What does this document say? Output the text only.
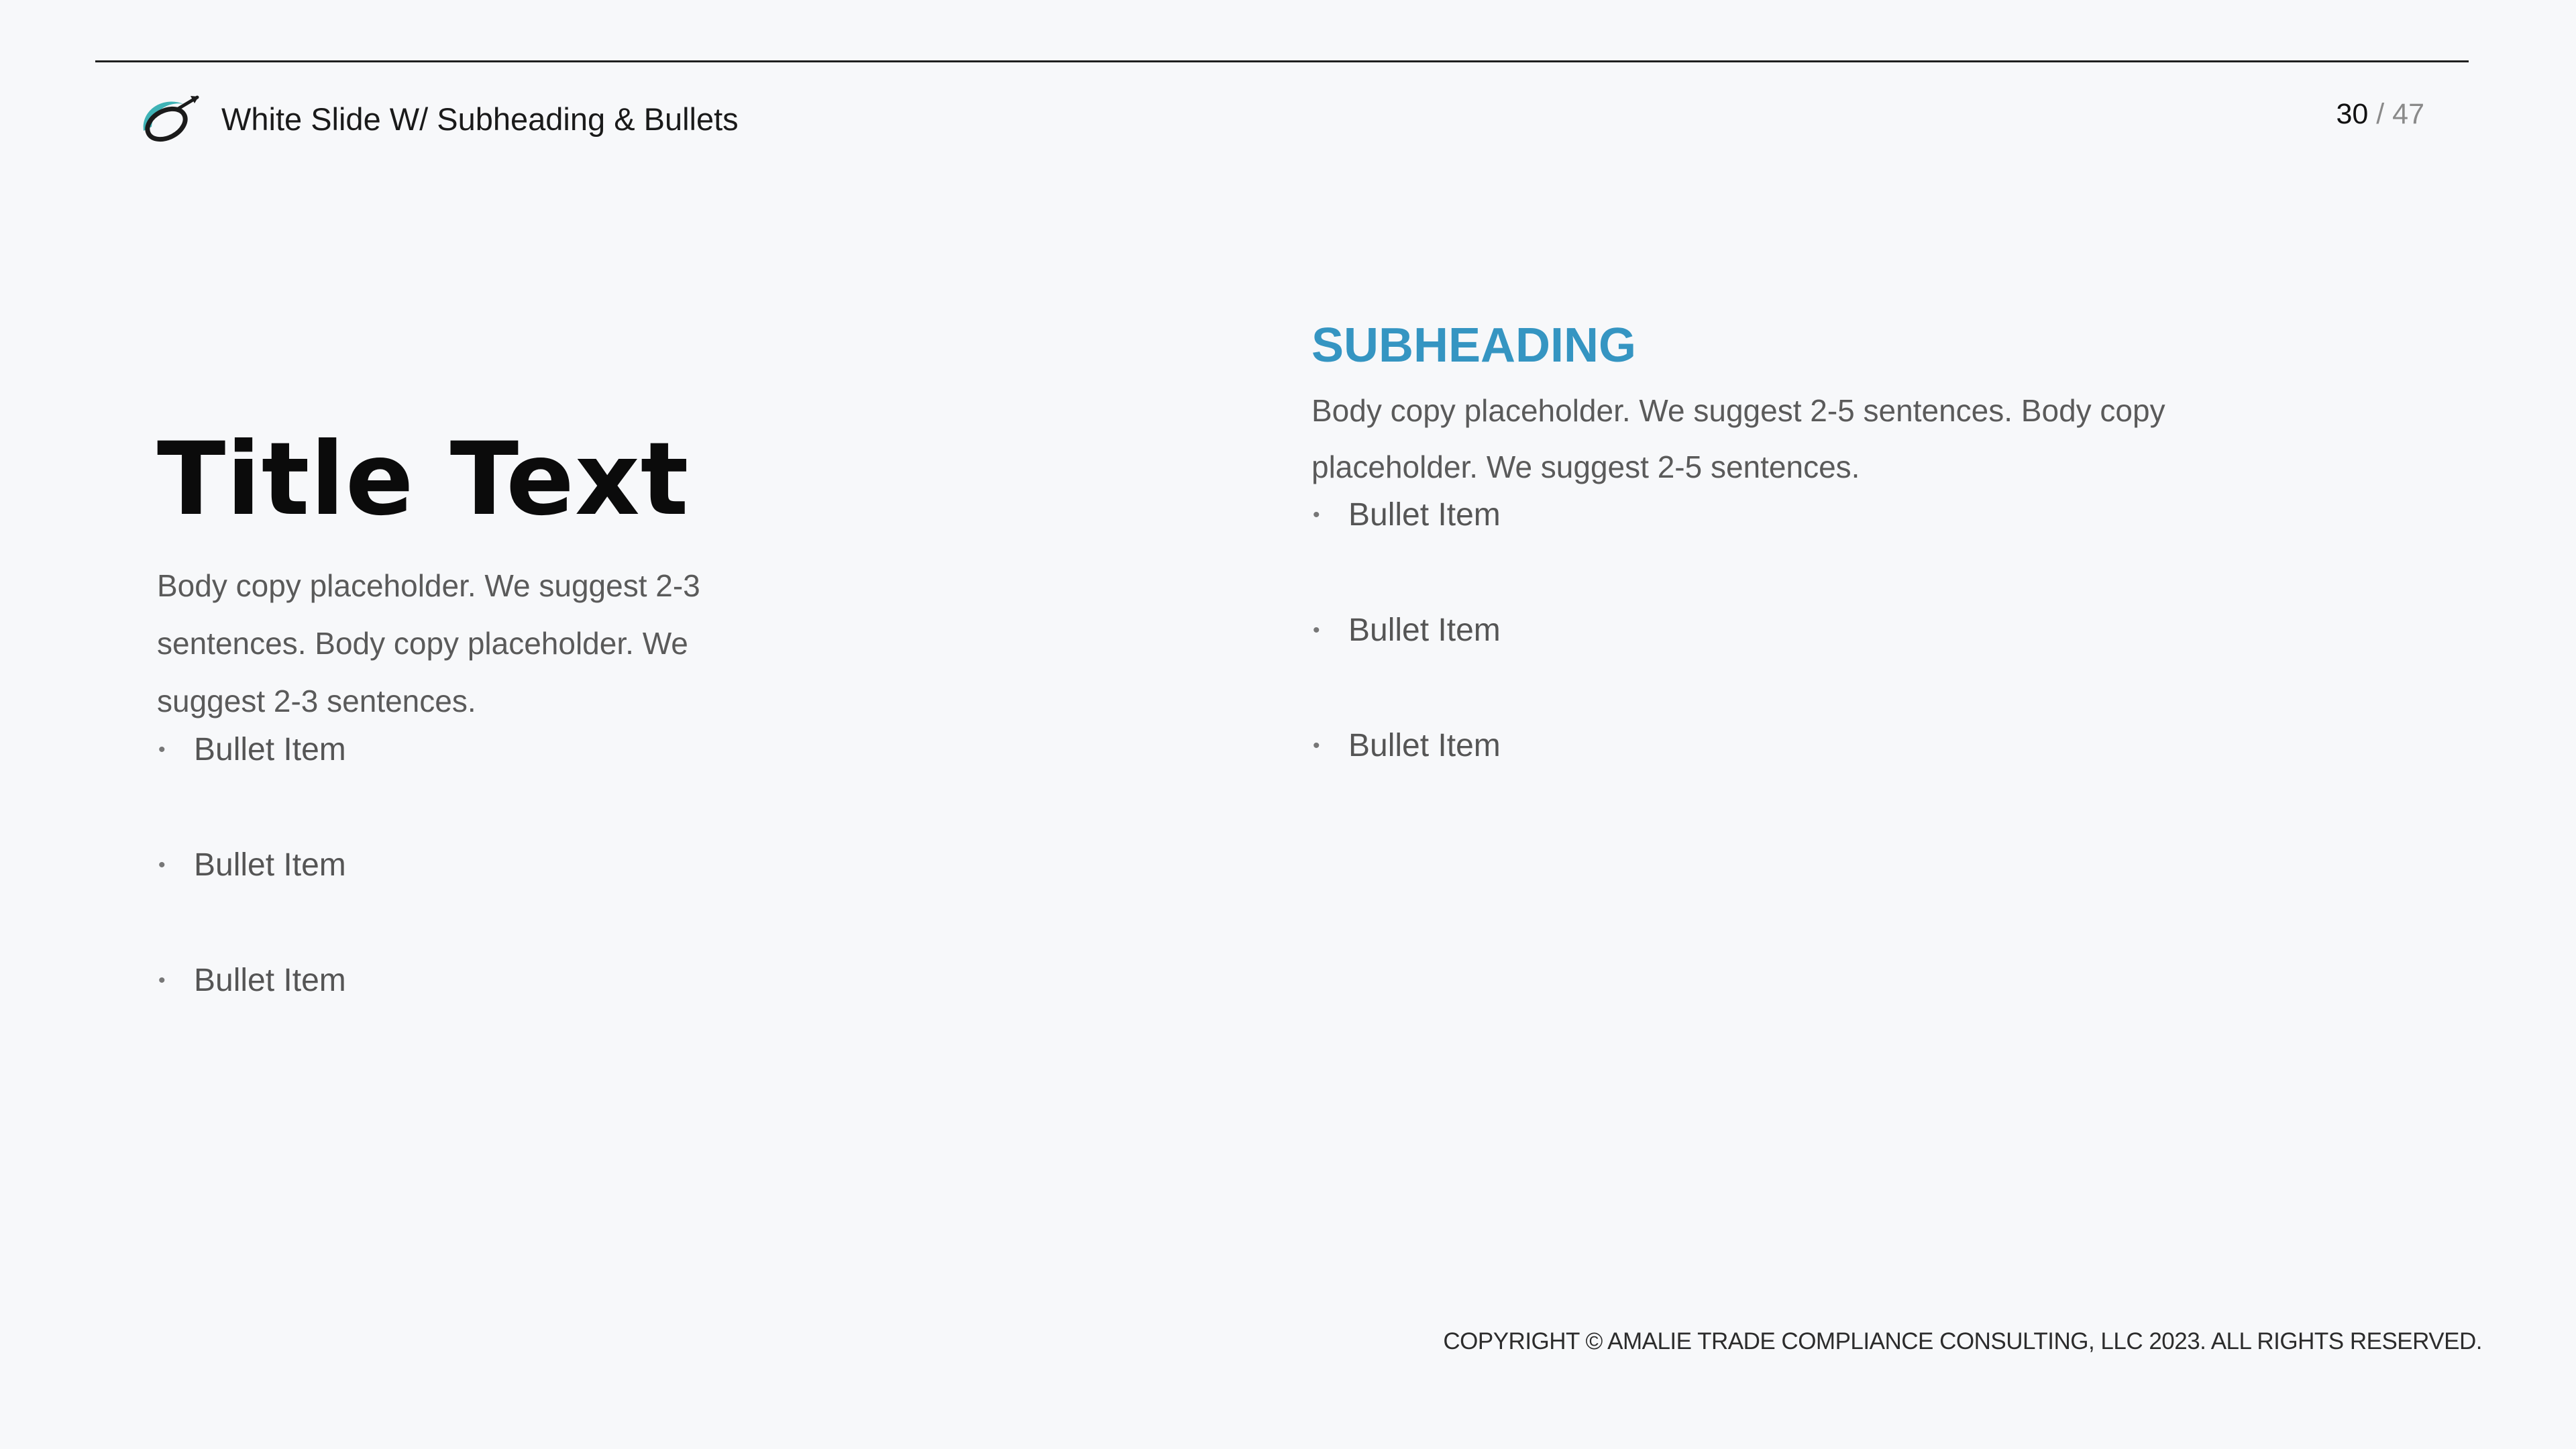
White Slide W/ Subheading & Bullets	30 / 47
Title Text
Body copy placeholder. We suggest 2-3 sentences. Body copy placeholder. We suggest 2-3 sentences.
• Bullet Item
• Bullet Item
• Bullet Item
SUBHEADING
Body copy placeholder. We suggest 2-5 sentences. Body copy placeholder. We suggest 2-5 sentences.
• Bullet Item
• Bullet Item
• Bullet Item
COPYRIGHT © AMALIE TRADE COMPLIANCE CONSULTING, LLC 2023. ALL RIGHTS RESERVED.
